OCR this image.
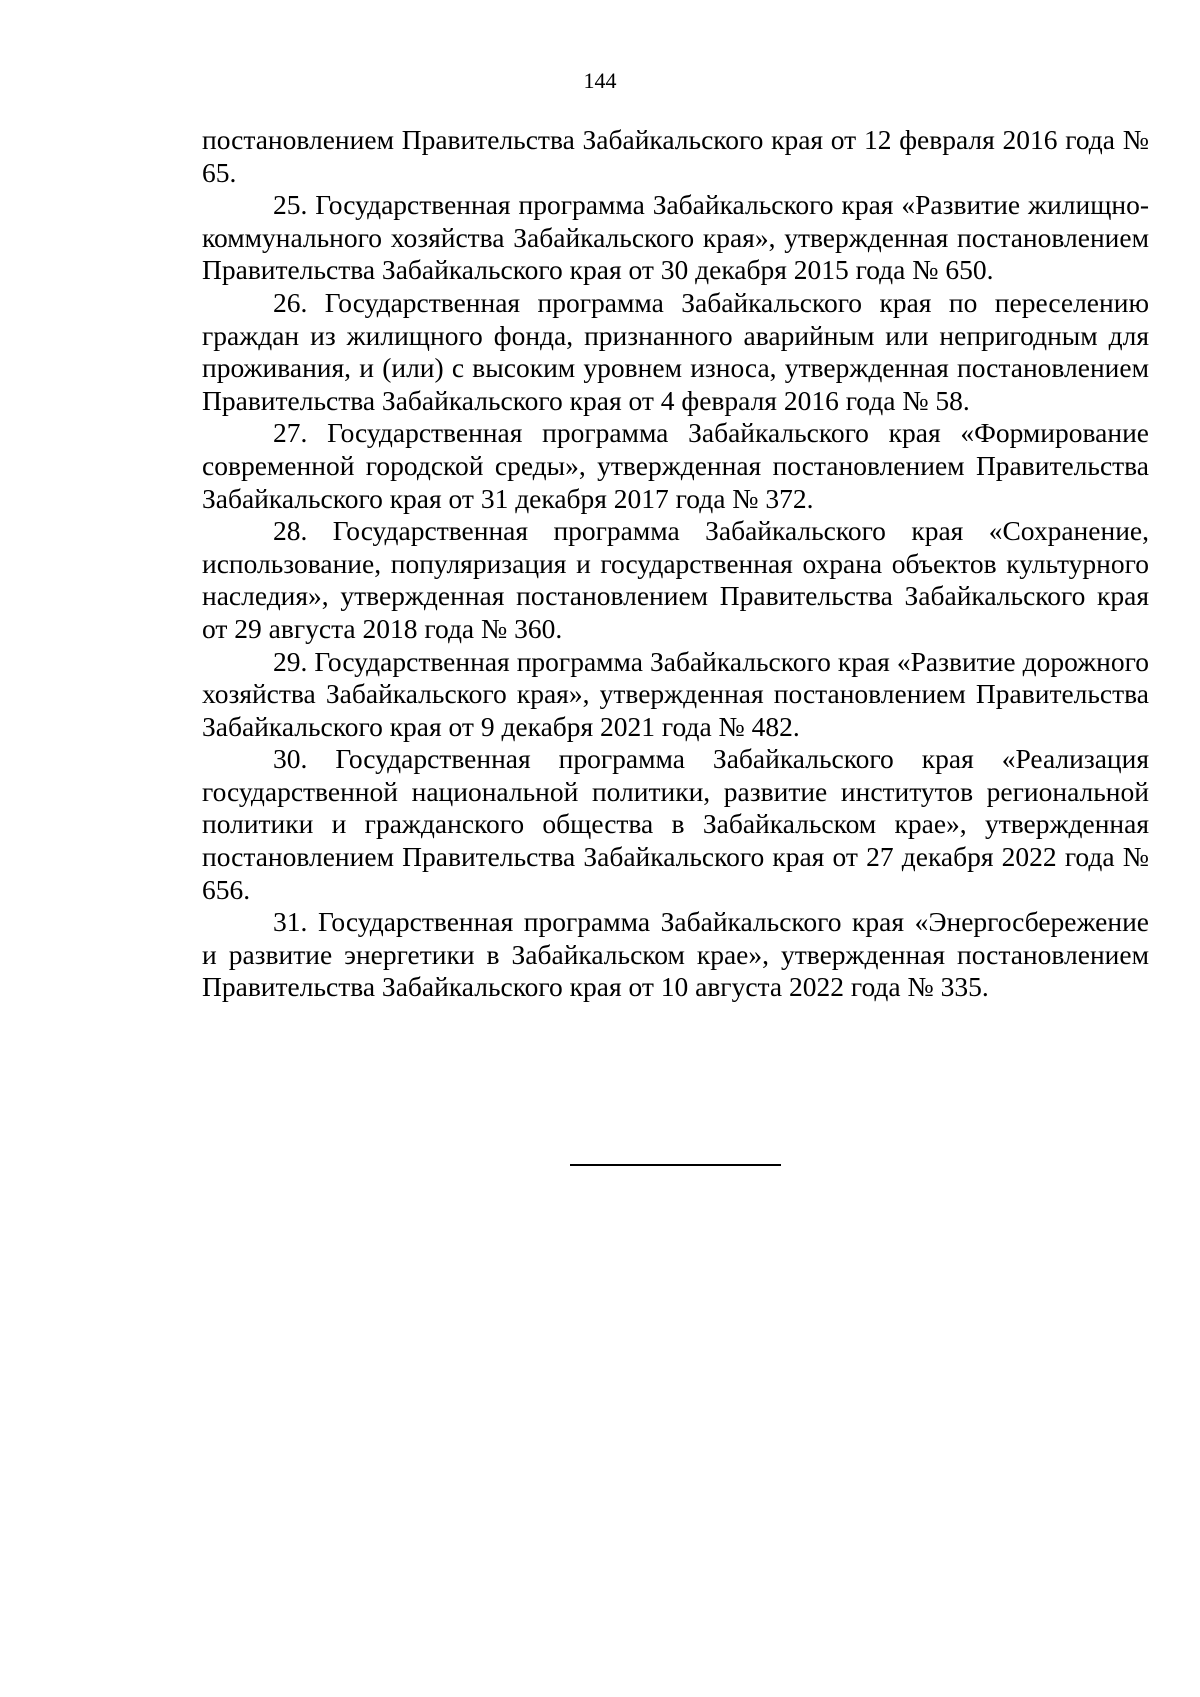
144

постановлением Правительства Забайкальского края от 12 февраля 2016 года № 65.

25. Государственная программа Забайкальского края «Развитие жилищно-коммунального хозяйства Забайкальского края», утвержденная постановлением Правительства Забайкальского края от 30 декабря 2015 года № 650.

26. Государственная программа Забайкальского края по переселению граждан из жилищного фонда, признанного аварийным или непригодным для проживания, и (или) с высоким уровнем износа, утвержденная постановлением Правительства Забайкальского края от 4 февраля 2016 года № 58.

27. Государственная программа Забайкальского края «Формирование современной городской среды», утвержденная постановлением Правительства Забайкальского края от 31 декабря 2017 года № 372.

28. Государственная программа Забайкальского края «Сохранение, использование, популяризация и государственная охрана объектов культурного наследия», утвержденная постановлением Правительства Забайкальского края от 29 августа 2018 года № 360.

29. Государственная программа Забайкальского края «Развитие дорожного хозяйства Забайкальского края», утвержденная постановлением Правительства Забайкальского края от 9 декабря 2021 года № 482.

30. Государственная программа Забайкальского края «Реализация государственной национальной политики, развитие институтов региональной политики и гражданского общества в Забайкальском крае», утвержденная постановлением Правительства Забайкальского края от 27 декабря 2022 года № 656.

31. Государственная программа Забайкальского края «Энергосбережение и развитие энергетики в Забайкальском крае», утвержденная постановлением Правительства Забайкальского края от 10 августа 2022 года № 335.
